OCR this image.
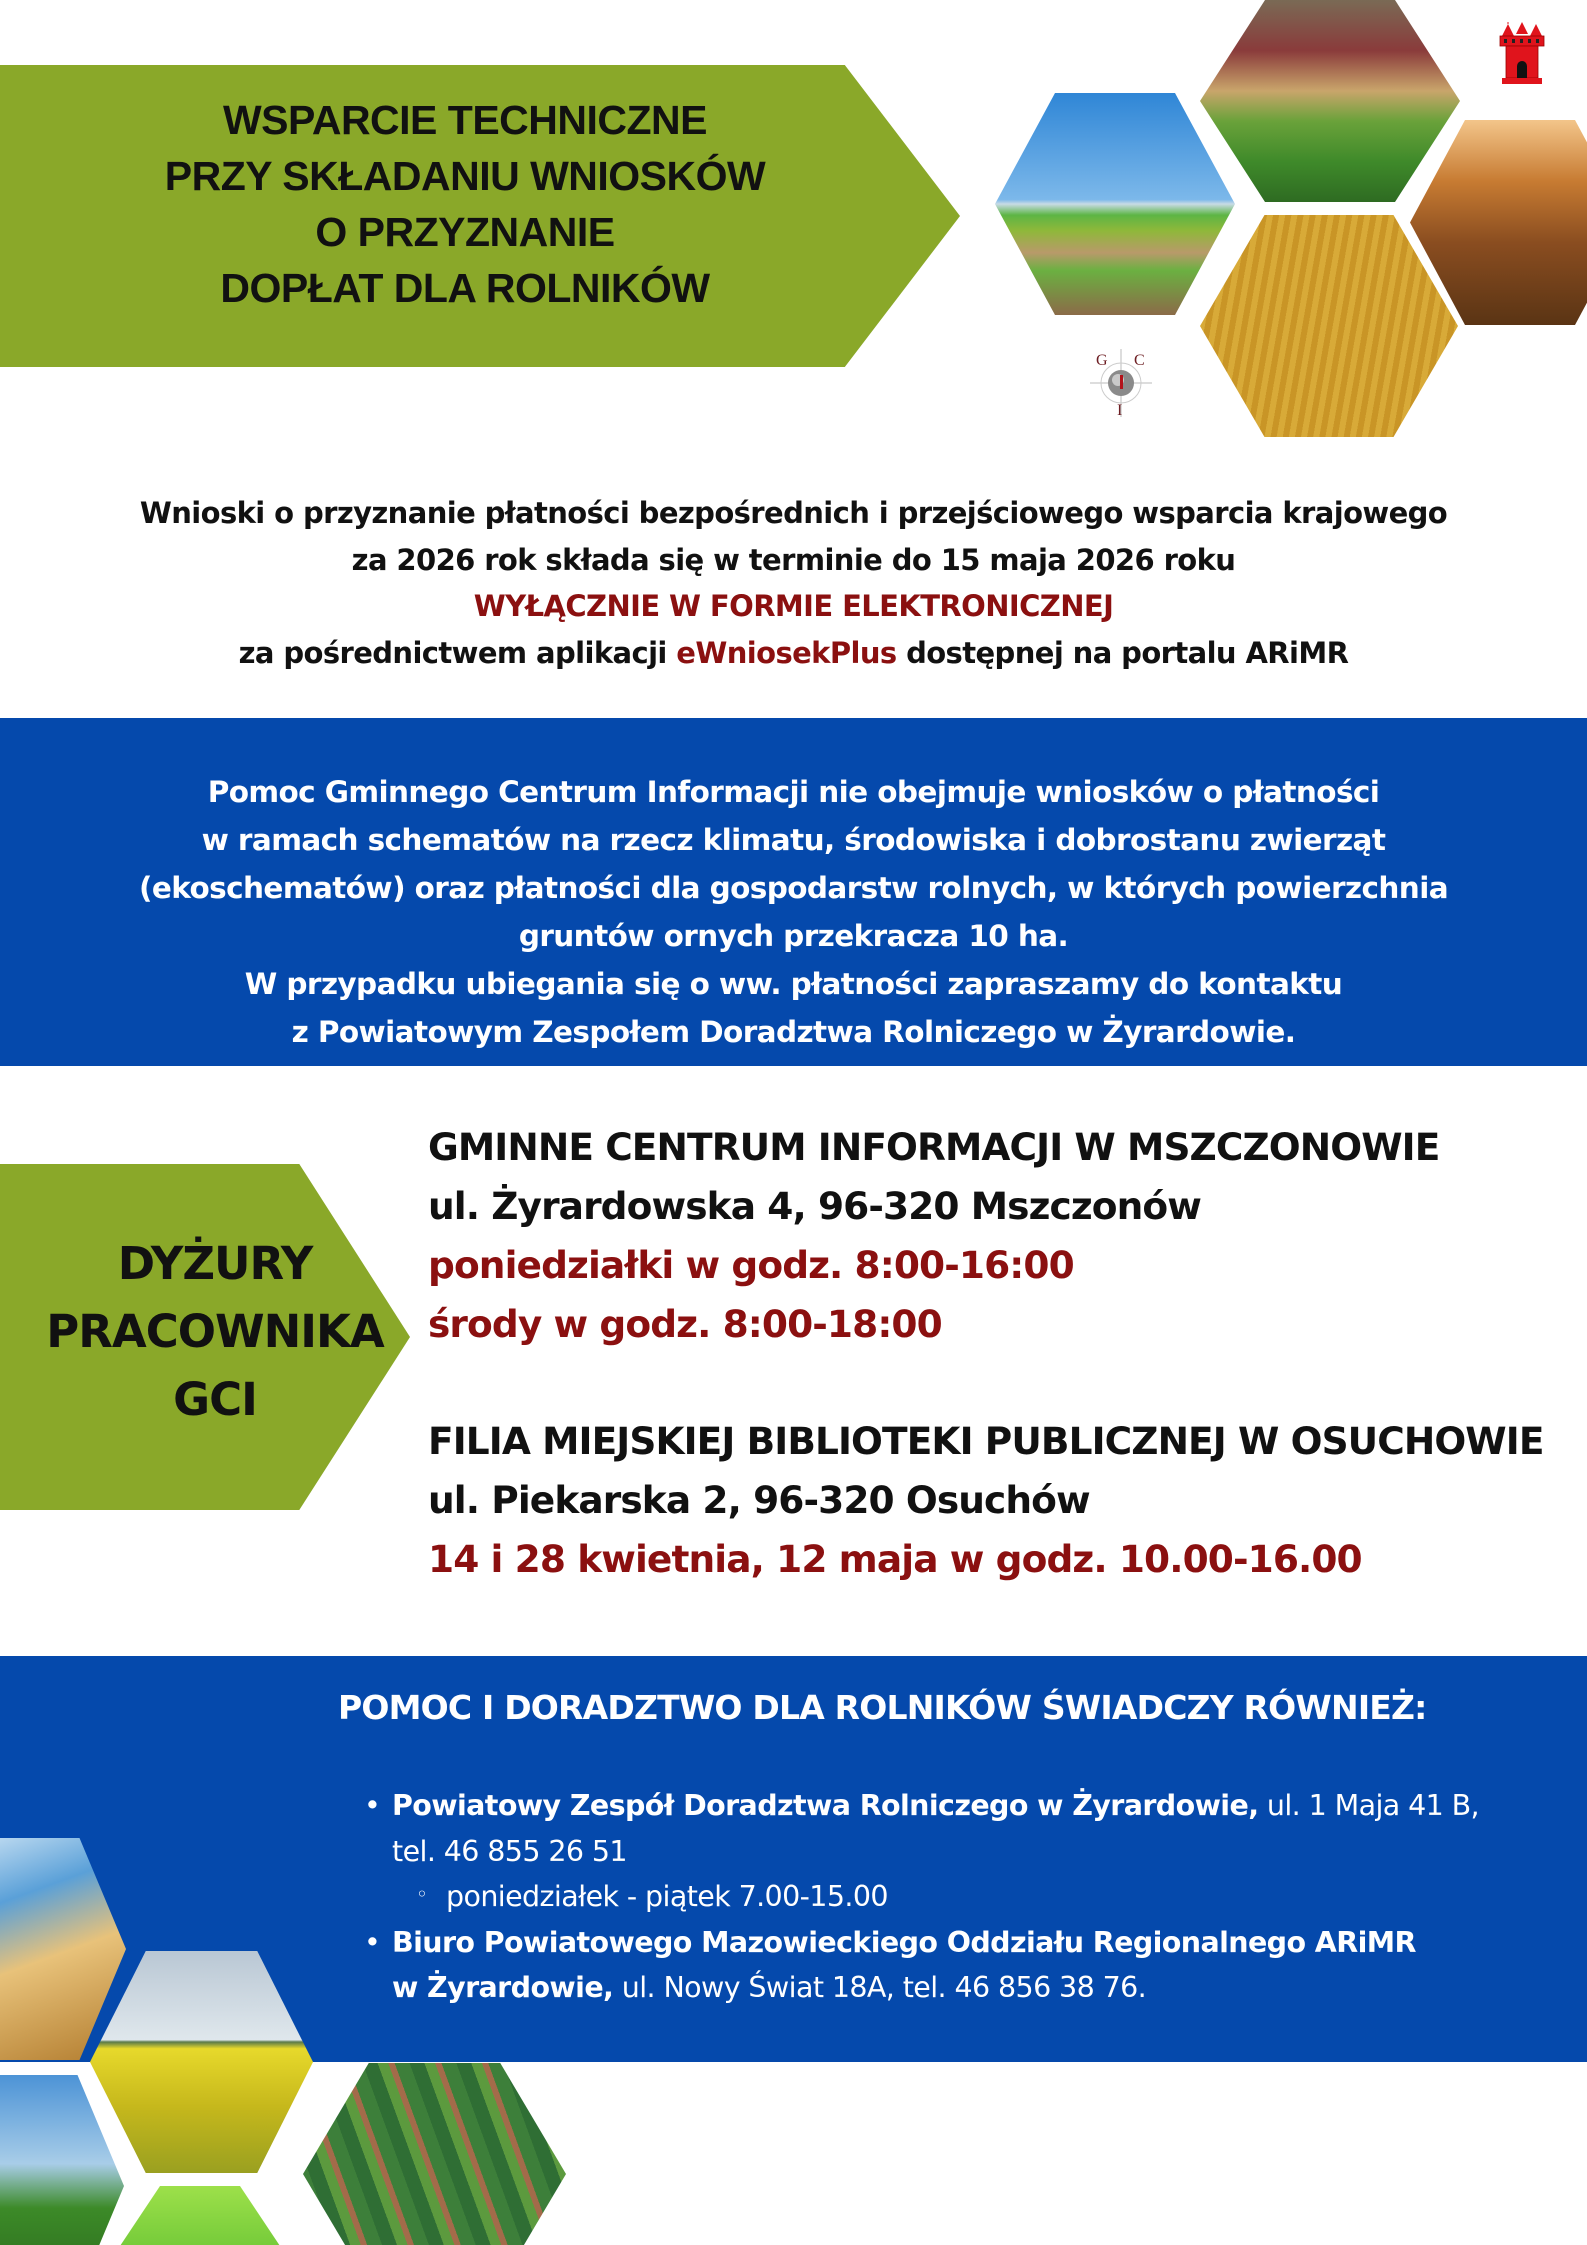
WSPARCIE TECHNICZNE
PRZY SKŁADANIU WNIOSKÓW
O PRZYZNANIE
DOPŁAT DLA ROLNIKÓW
G C
I
Wnioski o przyznanie płatności bezpośrednich i przejściowego wsparcia krajowego
za 2026 rok składa się w terminie do 15 maja 2026 roku
WYŁĄCZNIE W FORMIE ELEKTRONICZNEJ
za pośrednictwem aplikacji eWniosekPlus dostępnej na portalu ARiMR
Pomoc Gminnego Centrum Informacji nie obejmuje wniosków o płatności
w ramach schematów na rzecz klimatu, środowiska i dobrostanu zwierząt
(ekoschematów) oraz płatności dla gospodarstw rolnych, w których powierzchnia
gruntów ornych przekracza 10 ha.
W przypadku ubiegania się o ww. płatności zapraszamy do kontaktu
z Powiatowym Zespołem Doradztwa Rolniczego w Żyrardowie.
DYŻURY
PRACOWNIKA
GCI
GMINNE CENTRUM INFORMACJI W MSZCZONOWIE
ul. Żyrardowska 4, 96-320 Mszczonów
poniedziałki w godz. 8:00-16:00
środy w godz. 8:00-18:00
FILIA MIEJSKIEJ BIBLIOTEKI PUBLICZNEJ W OSUCHOWIE
ul. Piekarska 2, 96-320 Osuchów
14 i 28 kwietnia, 12 maja w godz. 10.00-16.00
POMOC I DORADZTWO DLA ROLNIKÓW ŚWIADCZY RÓWNIEŻ:
• Powiatowy Zespół Doradztwa Rolniczego w Żyrardowie, ul. 1 Maja 41 B,
tel. 46 855 26 51
◦ poniedziałek - piątek 7.00-15.00
• Biuro Powiatowego Mazowieckiego Oddziału Regionalnego ARiMR
w Żyrardowie, ul. Nowy Świat 18A, tel. 46 856 38 76.
